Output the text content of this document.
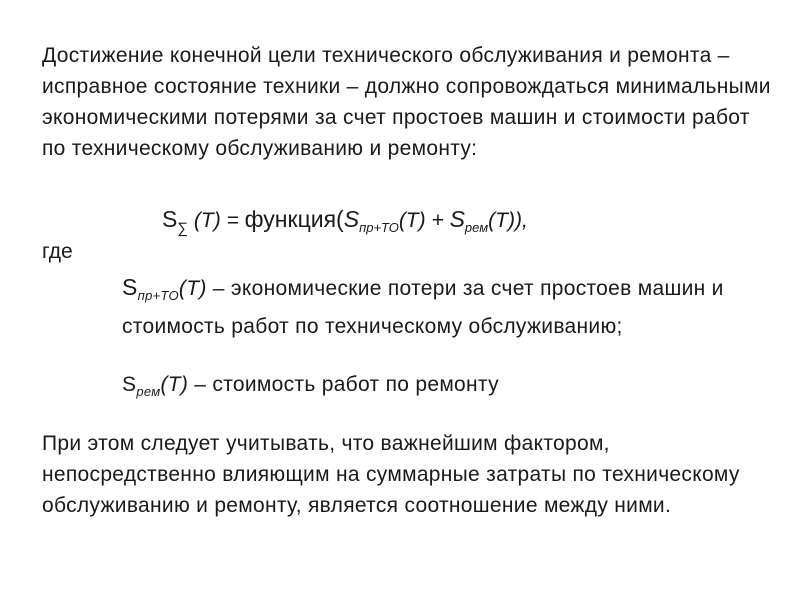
Достижение конечной цели технического обслуживания и ремонта – исправное состояние техники – должно сопровождаться минимальными экономическими потерями за счет простоев машин и стоимости работ по техническому обслуживанию и ремонту:
$S_\sum$ $(T) = функция(S_{пр+ТО}(T) + S_{рем}(T))$,
где
$S_{пр+ТО}(T)$ – экономические потери за счет простоев машин и стоимость работ по техническому обслуживанию;
$S_{рем}(T)$ – стоимость работ по ремонту
При этом следует учитывать, что важнейшим фактором, непосредственно влияющим на суммарные затраты по техническому обслуживанию и ремонту, является соотношение между ними.
